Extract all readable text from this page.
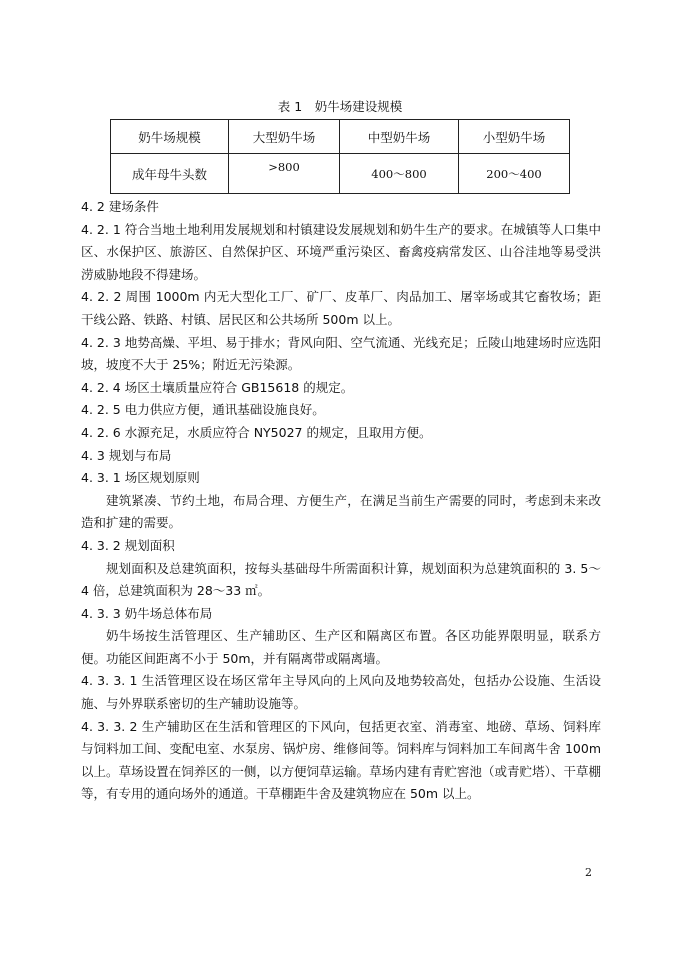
表 1　奶牛场建设规模
奶牛场规模	大型奶牛场	中型奶牛场	小型奶牛场
成年母牛头数	>800	400～800	200～400

4. 2 建场条件

4. 2. 1 符合当地土地利用发展规划和村镇建设发展规划和奶牛生产的要求。在城镇等人口集中区、水保护区、旅游区、自然保护区、环境严重污染区、畜禽疫病常发区、山谷洼地等易受洪涝威胁地段不得建场。

4. 2. 2 周围 1000m 内无大型化工厂、矿厂、皮革厂、肉品加工、屠宰场或其它畜牧场；距干线公路、铁路、村镇、居民区和公共场所 500m 以上。

4. 2. 3 地势高燥、平坦、易于排水；背风向阳、空气流通、光线充足；丘陵山地建场时应选阳坡，坡度不大于 25%；附近无污染源。

4. 2. 4 场区土壤质量应符合 GB15618 的规定。

4. 2. 5 电力供应方便，通讯基础设施良好。

4. 2. 6 水源充足，水质应符合 NY5027 的规定，且取用方便。

4. 3 规划与布局

4. 3. 1 场区规划原则

建筑紧凑、节约土地，布局合理、方便生产，在满足当前生产需要的同时，考虑到未来改造和扩建的需要。

4. 3. 2 规划面积

规划面积及总建筑面积，按每头基础母牛所需面积计算，规划面积为总建筑面积的 3. 5～4 倍，总建筑面积为 28～33 ㎡。

4. 3. 3 奶牛场总体布局

奶牛场按生活管理区、生产辅助区、生产区和隔离区布置。各区功能界限明显，联系方便。功能区间距离不小于 50m，并有隔离带或隔离墙。

4. 3. 3. 1 生活管理区设在场区常年主导风向的上风向及地势较高处，包括办公设施、生活设施、与外界联系密切的生产辅助设施等。

4. 3. 3. 2 生产辅助区在生活和管理区的下风向，包括更衣室、消毒室、地磅、草场、饲料库与饲料加工间、变配电室、水泵房、锅炉房、维修间等。饲料库与饲料加工车间离牛舍 100m 以上。草场设置在饲养区的一侧，以方便饲草运输。草场内建有青贮窖池（或青贮塔）、干草棚等，有专用的通向场外的通道。干草棚距牛舍及建筑物应在 50m 以上。

2
